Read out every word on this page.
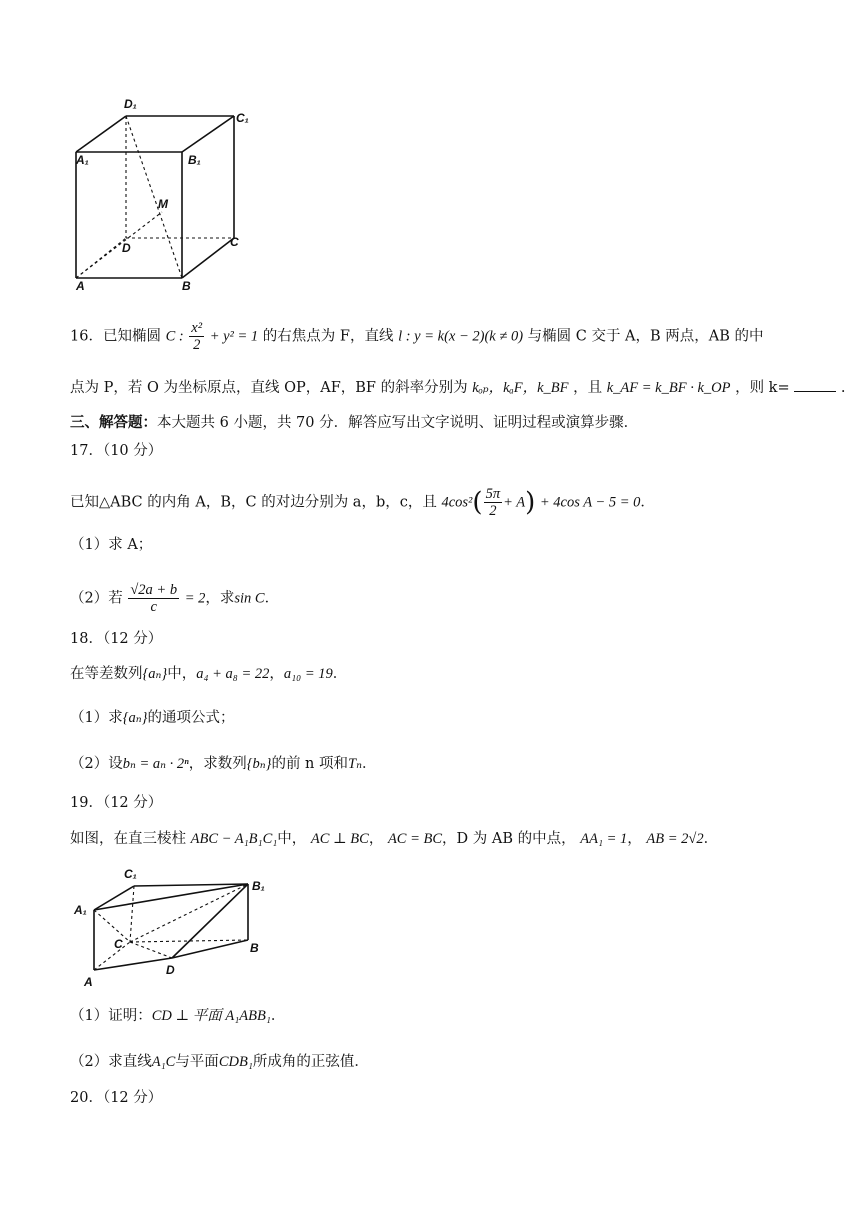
D₁
C₁
A₁	B₁
M
D	C
A	B
16．已知椭圆 C : $\frac{\text{x²}}{2} + y^2 = 1$ 的右焦点为 F，直线 l : y = k(x − 2)(k ≠ 0) 与椭圆 C 交于 A，B 两点，AB 的中
点为 P，若 O 为坐标原点，直线 OP，AF，BF 的斜率分别为 kₒₚ，kₐF，k_BF ，且 k_AF = k_BF · k_OP ，则 k=	.
三、解答题：本大题共 6 小题，共 70 分．解答应写出文字说明、证明过程或演算步骤．
17．（10 分）
已知△ABC 的内角 A，B，C 的对边分别为 a，b，c，且 $4\cos^2( \frac{5\pi}{2} + A) + 4\cos$ A − 5 = 0．
（1）求 A；
（2）若 $\frac{√2a + b}{c} = 2$，求sin C．
18．（12 分）
在等差数列{aₙ}中，a₄ + a₈ = 22，a₁₀ = 19．
（1）求{aₙ}的通项公式；
（2）设bₙ = aₙ · 2ⁿ，求数列{bₙ}的前 n 项和Tₙ．
19．（12 分）
如图，在直三棱柱 ABC − A₁B₁C₁中， AC ⊥ BC， AC = BC，D 为 AB 的中点， AA₁ = 1， AB = 2√2．
C₁
B₁
A₁
C	B
D
A
（1）证明：CD ⊥ 平面 A₁ABB₁．
（2）求直线A₁C与平面CDB₁所成角的正弦值．
20．（12 分）
